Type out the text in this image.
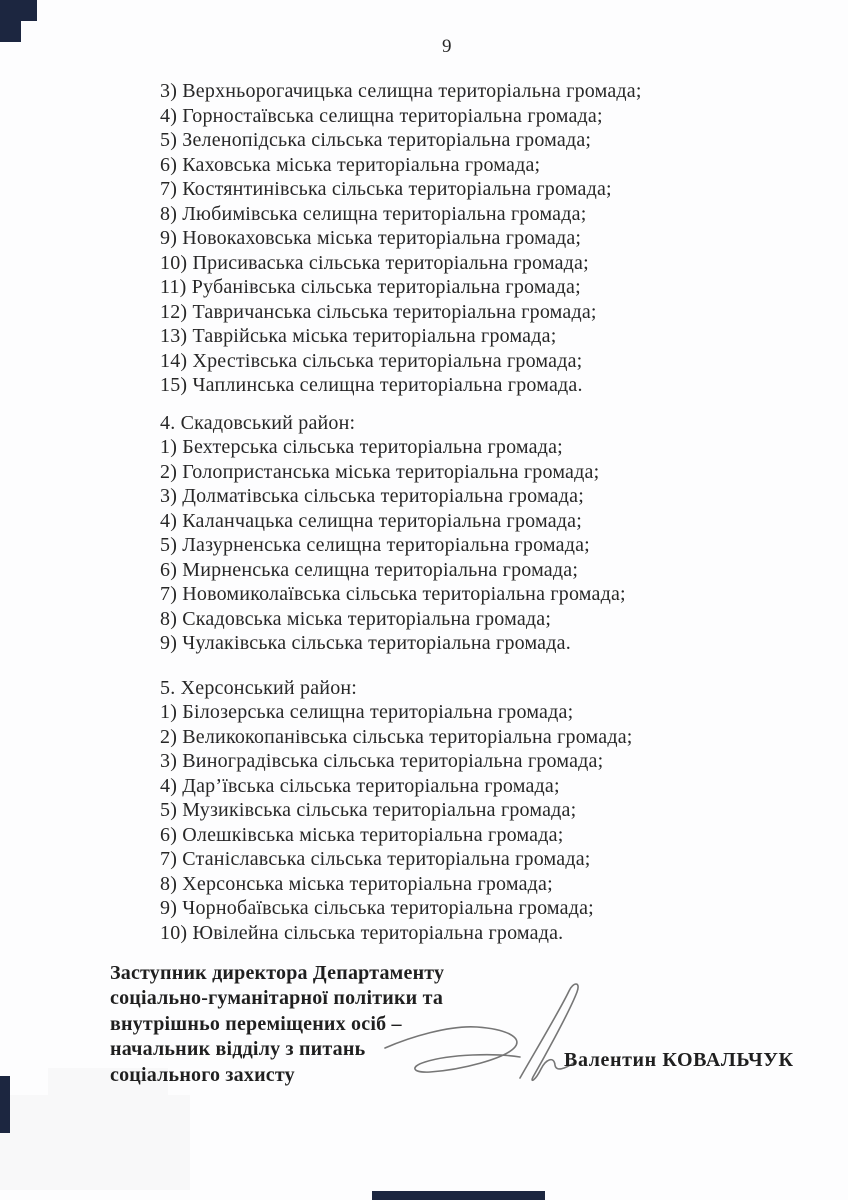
9
3) Верхньорогачицька селищна територіальна громада;
4) Горностаївська селищна територіальна громада;
5) Зеленопідська сільська територіальна громада;
6) Каховська міська територіальна громада;
7) Костянтинівська сільська територіальна громада;
8) Любимівська селищна територіальна громада;
9) Новокаховська міська територіальна громада;
10) Присиваська сільська територіальна громада;
11) Рубанівська сільська територіальна громада;
12) Тавричанська сільська територіальна громада;
13) Таврійська міська територіальна громада;
14) Хрестівська сільська територіальна громада;
15) Чаплинська селищна територіальна громада.
4. Скадовський район:
1) Бехтерська сільська територіальна громада;
2) Голопристанська міська територіальна громада;
3) Долматівська сільська територіальна громада;
4) Каланчацька селищна територіальна громада;
5) Лазурненська селищна територіальна громада;
6) Мирненська селищна територіальна громада;
7) Новомиколаївська сільська територіальна громада;
8) Скадовська міська територіальна громада;
9) Чулаківська сільська територіальна громада.
5. Херсонський район:
1) Білозерська селищна територіальна громада;
2) Великокопанівська сільська територіальна громада;
3) Виноградівська сільська територіальна громада;
4) Дар’ївська сільська територіальна громада;
5) Музиківська сільська територіальна громада;
6) Олешківська міська територіальна громада;
7) Станіславська сільська територіальна громада;
8) Херсонська міська територіальна громада;
9) Чорнобаївська сільська територіальна громада;
10) Ювілейна сільська територіальна громада.
Заступник директора Департаменту
соціально-гуманітарної політики та
внутрішньо переміщених осіб –
начальник відділу з питань
соціального захисту
Валентин КОВАЛЬЧУК
